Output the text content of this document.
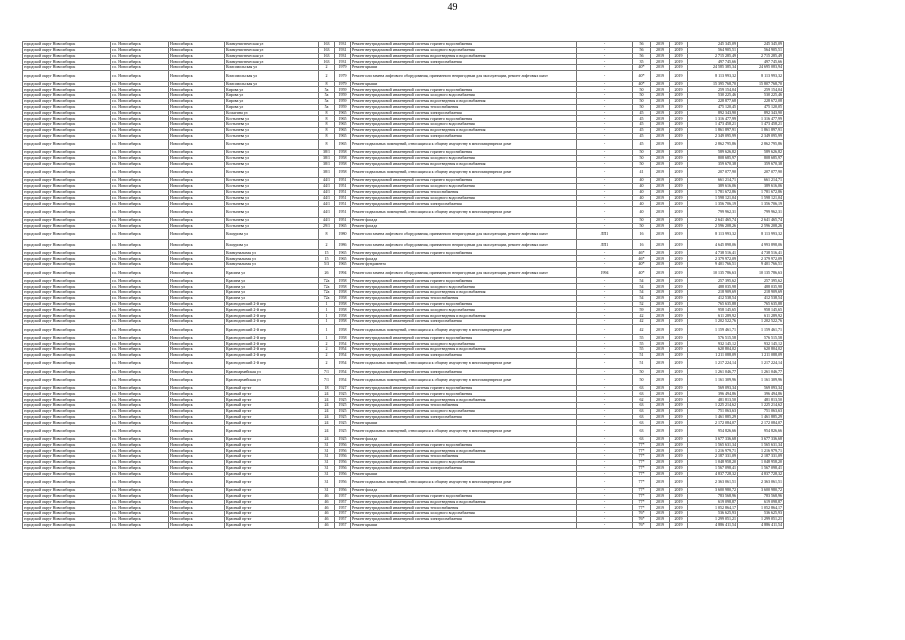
49
городской округ Новосибирск	г.о. Новосибирск	Новосибирск	Коммунистическая ул	163	1931	Ремонт внутридомовой инженерной системы горячего водоснабжения	-	56	2019	2019	245 345,09	245 345,09
городской округ Новосибирск	г.о. Новосибирск	Новосибирск	Коммунистическая ул	163	1931	Ремонт внутридомовой инженерной системы холодного водоснабжения	-	56	2019	2019	564 905,51	564 905,51
городской округ Новосибирск	г.о. Новосибирск	Новосибирск	Коммунистическая ул	163	1931	Ремонт внутридомовой инженерной системы водоотведения и водоснабжения	-	56	2019	2019	2 715 285,49	2 715 285,49
городской округ Новосибирск	г.о. Новосибирск	Новосибирск	Коммунистическая ул	163	1931	Ремонт внутридомовой инженерной системы электроснабжения	-	35	2019	2019	497 745,66	497 745,66
городской округ Новосибирск	г.о. Новосибирск	Новосибирск	Комсомольская ул	2	1979	Ремонт крыши	-	40*	2019	2019	24 585 385,34	24 695 083,94
городской округ Новосибирск	г.о. Новосибирск	Новосибирск	Комсомольская ул	2	1979	Ремонт или замена лифтового оборудования, признанного непригодным для эксплуатации, ремонт лифтовых шахт	-	40*	2019	2019	8 113 993,32	8 113 993,32
городской округ Новосибирск	г.о. Новосибирск	Новосибирск	Комсомольская ул	8	1979	Ремонт крыши	-	40*	2019	2019	15 395 768,70	15 807 768,70
городской округ Новосибирск	г.о. Новосибирск	Новосибирск	Кирова ул	5а	1959	Ремонт внутридомовой инженерной системы горячего водоснабжения	-	50	2019	2019	259 154,04	259 154,04
городской округ Новосибирск	г.о. Новосибирск	Новосибирск	Кирова ул	5а	1959	Ремонт внутридомовой инженерной системы холодного водоснабжения	-	50	2019	2019	530 225,46	530 225,46
городской округ Новосибирск	г.о. Новосибирск	Новосибирск	Кирова ул	5а	1959	Ремонт внутридомовой инженерной системы водоотведения и водоснабжения	-	50	2019	2019	228 877,68	228 672,08
городской округ Новосибирск	г.о. Новосибирск	Новосибирск	Кирова ул	5а	1959	Ремонт внутридомовой инженерной системы теплоснабжения	-	50	2019	2019	475 120,45	475 120,05
городской округ Новосибирск	г.о. Новосибирск	Новосибирск	Косыгина ул	8	1965	Ремонт внутридомовой инженерной системы электроснабжения	-	45	2019	2019	892 343,90	892 343,90
городской округ Новосибирск	г.о. Новосибирск	Новосибирск	Костычева ул	8	1965	Ремонт внутридомовой инженерной системы горячего водоснабжения	-	45	2019	2019	1 316 477,99	1 316 477,99
городской округ Новосибирск	г.о. Новосибирск	Новосибирск	Костычева ул	8	1965	Ремонт внутридомовой инженерной системы холодного водоснабжения	-	45	2019	2019	1 473 458,21	1 473 458,21
городской округ Новосибирск	г.о. Новосибирск	Новосибирск	Костычева ул	8	1965	Ремонт внутридомовой инженерной системы водоотведения и водоснабжения	-	45	2019	2019	1 861 897,91	1 861 897,91
городской округ Новосибирск	г.о. Новосибирск	Новосибирск	Костычева ул	8	1965	Ремонт внутридомовой инженерной системы электроснабжения	-	45	2019	2019	2 349 095,99	2 349 095,99
городской округ Новосибирск	г.о. Новосибирск	Новосибирск	Костычева ул	8	1965	Ремонт подвальных помещений, относящихся к общему имуществу в многоквартирном доме	-	45	2019	2019	2 862 795,86	2 862 795,86
городской округ Новосибирск	г.о. Новосибирск	Новосибирск	Костычева ул	38/1	1958	Ремонт внутридомовой инженерной системы горячего водоснабжения	-	50	2019	2019	589 626,82	589 626,82
городской округ Новосибирск	г.о. Новосибирск	Новосибирск	Костычева ул	38/1	1958	Ремонт внутридомовой инженерной системы холодного водоснабжения	-	50	2019	2019	808 685,97	808 685,97
городской округ Новосибирск	г.о. Новосибирск	Новосибирск	Костычева ул	38/1	1958	Ремонт внутридомовой инженерной системы водоотведения и водоснабжения	-	50	2019	2019	359 670,38	359 670,38
городской округ Новосибирск	г.о. Новосибирск	Новосибирск	Костычева ул	38/1	1958	Ремонт подвальных помещений, относящихся к общему имуществу в многоквартирном доме	-	41	2019	2019	207 077,90	207 077,90
городской округ Новосибирск	г.о. Новосибирск	Новосибирск	Костычева ул	44/1	1951	Ремонт внутридомовой инженерной системы горячего водоснабжения	-	40	2019	2019	661 214,71	661 214,71
городской округ Новосибирск	г.о. Новосибирск	Новосибирск	Костычева ул	44/1	1951	Ремонт внутридомовой инженерной системы холодного водоснабжения	-	40	2019	2019	389 616,06	389 616,06
городской округ Новосибирск	г.о. Новосибирск	Новосибирск	Костычева ул	44/1	1951	Ремонт внутридомовой инженерной системы теплоснабжения	-	40	2019	2019	1 781 672,86	1 781 672,86
городской округ Новосибирск	г.о. Новосибирск	Новосибирск	Костычева ул	44/1	1951	Ремонт внутридомовой инженерной системы холодного водоснабжения	-	40	2019	2019	1 598 121,04	1 598 121,04
городской округ Новосибирск	г.о. Новосибирск	Новосибирск	Костычева ул	44/1	1951	Ремонт внутридомовой инженерной системы электроснабжения	-	40	2019	2019	1 356 706,19	1 356 706,19
городской округ Новосибирск	г.о. Новосибирск	Новосибирск	Костычева ул	44/1	1951	Ремонт подвальных помещений, относящихся к общему имуществу в многоквартирном доме	-	40	2019	2019	799 962,31	799 962,31
городской округ Новосибирск	г.о. Новосибирск	Новосибирск	Костычева ул	44/1	1951	Ремонт фасада	-	50	2019	2019	2 641 465,74	2 641 465,74
городской округ Новосибирск	г.о. Новосибирск	Новосибирск	Костычева ул	29/1	1965	Ремонт фасада	-	50	2019	2019	2 596 208,26	2 596 208,26
городской округ Новосибирск	г.о. Новосибирск	Новосибирск	Кошурова ул	8	1980	Ремонт или замена лифтового оборудования, признанного непригодным для эксплуатации, ремонт лифтовых шахт	ЛП1	16	2019	2019	8 113 993,32	8 113 993,32
городской округ Новосибирск	г.о. Новосибирск	Новосибирск	Кошурова ул	2	1986	Ремонт или замена лифтового оборудования, признанного непригодным для эксплуатации, ремонт лифтовых шахт	ЛП1	16	2019	2019	4 645 898,06	4 993 898,06
городской округ Новосибирск	г.о. Новосибирск	Новосибирск	Коммунальная ул	15	1965	Ремонт внутридомовой инженерной системы горячего водоснабжения	-	46*	2019	2019	4 738 516,41	4 738 516,41
городской округ Новосибирск	г.о. Новосибирск	Новосибирск	Коммунальная ул	15	1965	Ремонт фасада	-	46*	2019	2019	2 379 972,09	2 379 972,09
городской округ Новосибирск	г.о. Новосибирск	Новосибирск	Коммунальная ул	5/3	1965	Ремонт фундамента	-	40*	2019	2019	9 401 766,51	9 401 766,51
городской округ Новосибирск	г.о. Новосибирск	Новосибирск	Красина ул	26	1994	Ремонт или замена лифтового оборудования, признанного непригодным для эксплуатации, ремонт лифтовых шахт	1994	40*	2019	2019	10 135 786,63	10 135 786,63
городской округ Новосибирск	г.о. Новосибирск	Новосибирск	Красина ул	72а	1958	Ремонт внутридомовой инженерной системы горячего водоснабжения	-	54	2019	2019	257 395,62	257 395,62
городской округ Новосибирск	г.о. Новосибирск	Новосибирск	Красина ул	72а	1958	Ремонт внутридомовой инженерной системы холодного водоснабжения	-	54	2019	2019	488 035,98	488 035,98
городской округ Новосибирск	г.о. Новосибирск	Новосибирск	Красина ул	72а	1958	Ремонт внутридомовой инженерной системы водоотведения и водоснабжения	-	54	2019	2019	218 909,69	218 909,69
городской округ Новосибирск	г.о. Новосибирск	Новосибирск	Красина ул	72а	1958	Ремонт внутридомовой инженерной системы теплоснабжения	-	54	2019	2019	412 538,54	412 538,54
городской округ Новосибирск	г.о. Новосибирск	Новосибирск	Краснодонский 2-й пер	1	1958	Ремонт внутридомовой инженерной системы горячего водоснабжения	-	52	2019	2019	765 635,88	765 635,88
городской округ Новосибирск	г.о. Новосибирск	Новосибирск	Краснодонский 2-й пер	1	1958	Ремонт внутридомовой инженерной системы холодного водоснабжения	-	59	2019	2019	958 145,65	958 145,65
городской округ Новосибирск	г.о. Новосибирск	Новосибирск	Краснодонский 2-й пер	1	1958	Ремонт внутридомовой инженерной системы водоотведения и водоснабжения	-	42	2019	2019	611 289,92	611 289,92
городской округ Новосибирск	г.о. Новосибирск	Новосибирск	Краснодонский 2-й пер	1	1958	Ремонт внутридомовой инженерной системы электроснабжения	-	42	2019	2019	1 202 522,76	1 202 522,76
городской округ Новосибирск	г.о. Новосибирск	Новосибирск	Краснодонский 2-й пер	1	1958	Ремонт подвальных помещений, относящихся к общему имуществу в многоквартирном доме	-	42	2019	2019	1 159 461,71	1 159 461,71
городской округ Новосибирск	г.о. Новосибирск	Новосибирск	Краснодонский 2-й пер	1	1958	Ремонт внутридомовой инженерной системы горячего водоснабжения	-	55	2019	2019	576 515,58	576 515,58
городской округ Новосибирск	г.о. Новосибирск	Новосибирск	Краснодонский 2-й пер	2	1954	Ремонт внутридомовой инженерной системы холодного водоснабжения	-	55	2019	2019	932 145,12	932 145,12
городской округ Новосибирск	г.о. Новосибирск	Новосибирск	Краснодонский 2-й пер	2	1954	Ремонт внутридомовой инженерной системы водоотведения и водоснабжения	-	55	2019	2019	620 804,02	620 804,02
городской округ Новосибирск	г.о. Новосибирск	Новосибирск	Краснодонский 2-й пер	2	1954	Ремонт внутридомовой инженерной системы электроснабжения	-	51	2019	2019	1 211 088,09	1 211 088,09
городской округ Новосибирск	г.о. Новосибирск	Новосибирск	Краснодонский 2-й пер	2	1954	Ремонт подвальных помещений, относящихся к общему имуществу в многоквартирном доме	-	51	2019	2019	1 217 224,14	1 217 224,14
городской округ Новосибирск	г.о. Новосибирск	Новосибирск	Красноармейская ул	7/1	1954	Ремонт внутридомовой инженерной системы электроснабжения	-	50	2019	2019	1 261 046,77	1 261 046,77
городской округ Новосибирск	г.о. Новосибирск	Новосибирск	Красноармейская ул	7/1	1954	Ремонт подвальных помещений, относящихся к общему имуществу в многоквартирном доме	-	50	2019	2019	1 161 309,96	1 161 309,96
городской округ Новосибирск	г.о. Новосибирск	Новосибирск	Красный пр-кт	18	1927	Ремонт внутридомовой инженерной системы горячего водоснабжения	-	63	2019	2019	569 093,34	569 093,34
городской округ Новосибирск	г.о. Новосибирск	Новосибирск	Красный пр-кт	24	1925	Ремонт внутридомовой инженерной системы горячего водоснабжения	-	63	2019	2019	396 494,86	396 494,86
городской округ Новосибирск	г.о. Новосибирск	Новосибирск	Красный пр-кт	24	1925	Ремонт внутридомовой инженерной системы водоотведения и водоснабжения	-	62	2019	2019	481 813,50	481 813,50
городской округ Новосибирск	г.о. Новосибирск	Новосибирск	Красный пр-кт	24	1925	Ремонт внутридомовой инженерной системы теплоснабжения	-	63	2019	2019	1 225 214,62	1 225 214,62
городской округ Новосибирск	г.о. Новосибирск	Новосибирск	Красный пр-кт	24	1925	Ремонт внутридомовой инженерной системы холодного водоснабжения	-	63	2019	2019	751 063,63	751 063,63
городской округ Новосибирск	г.о. Новосибирск	Новосибирск	Красный пр-кт	24	1925	Ремонт внутридомовой инженерной системы электроснабжения	-	63	2019	2019	1 461 885,29	1 461 885,29
городской округ Новосибирск	г.о. Новосибирск	Новосибирск	Красный пр-кт	24	1925	Ремонт крыши	-	63	2019	2019	2 172 084,07	2 172 084,07
городской округ Новосибирск	г.о. Новосибирск	Новосибирск	Красный пр-кт	24	1925	Ремонт подвальных помещений, относящихся к общему имуществу в многоквартирном доме	-	63	2019	2019	954 826,66	954 826,66
городской округ Новосибирск	г.о. Новосибирск	Новосибирск	Красный пр-кт	24	1925	Ремонт фасада	-	63	2019	2019	3 677 336,68	3 677 336,68
городской округ Новосибирск	г.о. Новосибирск	Новосибирск	Красный пр-кт	31	1956	Ремонт внутридомовой инженерной системы горячего водоснабжения	-	77*	2019	2019	1 565 631,34	1 565 631,34
городской округ Новосибирск	г.о. Новосибирск	Новосибирск	Красный пр-кт	31	1956	Ремонт внутридомовой инженерной системы водоотведения и водоснабжения	-	77*	2019	2019	1 216 979,71	1 216 979,71
городской округ Новосибирск	г.о. Новосибирск	Новосибирск	Красный пр-кт	31	1956	Ремонт внутридомовой инженерной системы теплоснабжения	-	77*	2019	2019	2 187 331,09	2 187 331,09
городской округ Новосибирск	г.о. Новосибирск	Новосибирск	Красный пр-кт	31	1956	Ремонт внутридомовой инженерной системы холодного водоснабжения	-	77*	2019	2019	1 048 958,20	1 048 958,20
городской округ Новосибирск	г.о. Новосибирск	Новосибирск	Красный пр-кт	31	1956	Ремонт внутридомовой инженерной системы электроснабжения	-	77*	2019	2019	1 567 098,41	1 567 098,41
городской округ Новосибирск	г.о. Новосибирск	Новосибирск	Красный пр-кт	31	1956	Ремонт крыши	-	77*	2019	2019	4 837 728,32	4 837 728,32
городской округ Новосибирск	г.о. Новосибирск	Новосибирск	Красный пр-кт	31	1956	Ремонт подвальных помещений, относящихся к общему имуществу в многоквартирном доме	-	77*	2019	2019	2 363 061,51	2 363 061,51
городской округ Новосибирск	г.о. Новосибирск	Новосибирск	Красный пр-кт	31	1956	Ремонт фасада	-	77*	2019	2019	3 600 980,72	3 600 980,72
городской округ Новосибирск	г.о. Новосибирск	Новосибирск	Красный пр-кт	46	1957	Ремонт внутридомовой инженерной системы горячего водоснабжения	-	77*	2019	2019	783 568,96	783 568,96
городской округ Новосибирск	г.о. Новосибирск	Новосибирск	Красный пр-кт	46	1957	Ремонт внутридомовой инженерной системы водоотведения и водоснабжения	-	77*	2019	2019	619 098,87	619 098,87
городской округ Новосибирск	г.о. Новосибирск	Новосибирск	Красный пр-кт	46	1957	Ремонт внутридомовой инженерной системы теплоснабжения	-	77*	2019	2019	1 052 864,17	1 052 864,17
городской округ Новосибирск	г.о. Новосибирск	Новосибирск	Красный пр-кт	46	1957	Ремонт внутридомовой инженерной системы холодного водоснабжения	-	76*	2019	2019	536 625,93	536 625,93
городской округ Новосибирск	г.о. Новосибирск	Новосибирск	Красный пр-кт	46	1957	Ремонт внутридомовой инженерной системы электроснабжения	-	76*	2019	2019	1 299 051,21	1 299 051,21
городской округ Новосибирск	г.о. Новосибирск	Новосибирск	Красный пр-кт	46	1957	Ремонт крыши	-	76*	2019	2019	4 886 411,54	4 886 411,54
